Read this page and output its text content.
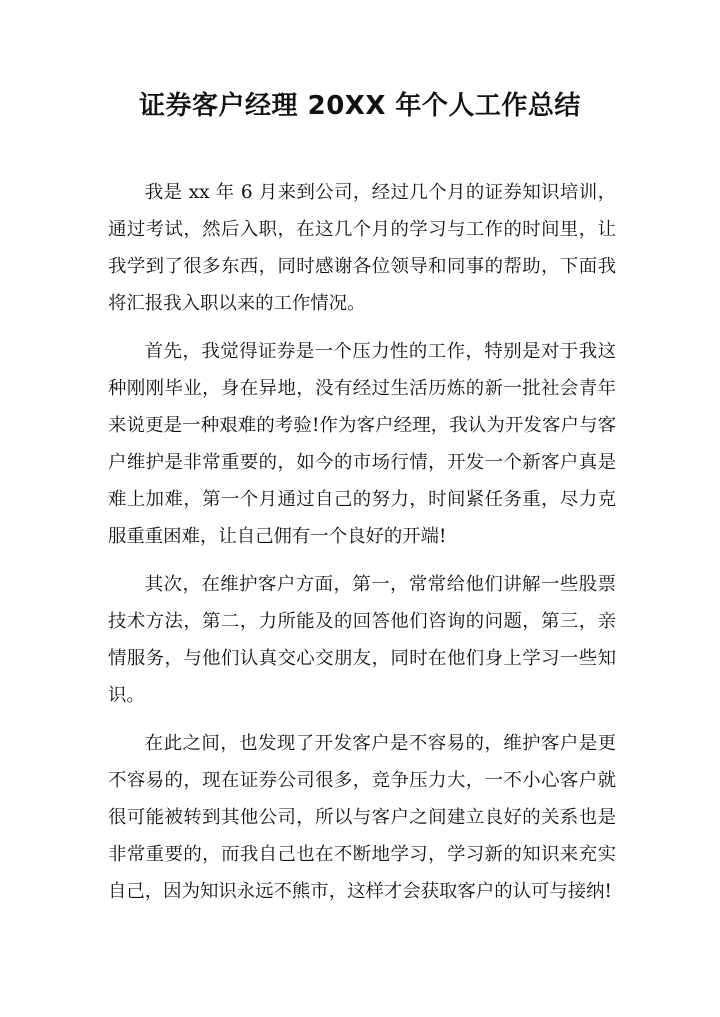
证券客户经理 20XX 年个人工作总结

我是 xx 年 6 月来到公司，经过几个月的证券知识培训，通过考试，然后入职，在这几个月的学习与工作的时间里，让我学到了很多东西，同时感谢各位领导和同事的帮助，下面我将汇报我入职以来的工作情况。

首先，我觉得证券是一个压力性的工作，特别是对于我这种刚刚毕业，身在异地，没有经过生活历炼的新一批社会青年来说更是一种艰难的考验!作为客户经理，我认为开发客户与客户维护是非常重要的，如今的市场行情，开发一个新客户真是难上加难，第一个月通过自己的努力，时间紧任务重，尽力克服重重困难，让自己佣有一个良好的开端!

其次，在维护客户方面，第一，常常给他们讲解一些股票技术方法，第二，力所能及的回答他们咨询的问题，第三，亲情服务，与他们认真交心交朋友，同时在他们身上学习一些知识。

在此之间，也发现了开发客户是不容易的，维护客户是更不容易的，现在证券公司很多，竞争压力大，一不小心客户就很可能被转到其他公司，所以与客户之间建立良好的关系也是非常重要的，而我自己也在不断地学习，学习新的知识来充实自己，因为知识永远不熊市，这样才会获取客户的认可与接纳!
